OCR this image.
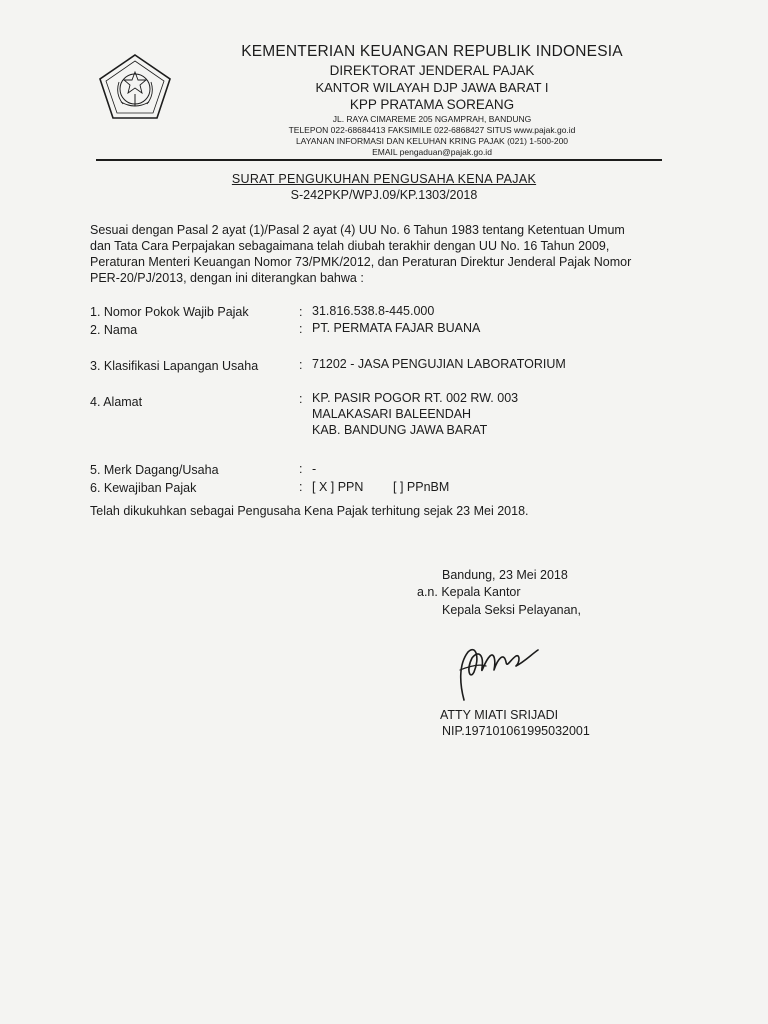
KEMENTERIAN KEUANGAN REPUBLIK INDONESIA
DIREKTORAT JENDERAL PAJAK
KANTOR WILAYAH DJP JAWA BARAT I
KPP PRATAMA SOREANG
JL. RAYA CIMAREME 205 NGAMPRAH, BANDUNG
TELEPON 022-68684413 FAKSIMILE 022-6868427 SITUS www.pajak.go.id
LAYANAN INFORMASI DAN KELUHAN KRING PAJAK (021) 1-500-200
EMAIL pengaduan@pajak.go.id
SURAT PENGUKUHAN PENGUSAHA KENA PAJAK
S-242PKP/WPJ.09/KP.1303/2018
Sesuai dengan Pasal 2 ayat (1)/Pasal 2 ayat (4) UU No. 6 Tahun 1983 tentang Ketentuan Umum
dan Tata Cara Perpajakan sebagaimana telah diubah terakhir dengan UU No. 16 Tahun 2009,
Peraturan Menteri Keuangan Nomor 73/PMK/2012, dan Peraturan Direktur Jenderal Pajak Nomor
PER-20/PJ/2013, dengan ini diterangkan bahwa :
1. Nomor Pokok Wajib Pajak	: 31.816.538.8-445.000
2. Nama	: PT. PERMATA FAJAR BUANA
3. Klasifikasi Lapangan Usaha	: 71202 - JASA PENGUJIAN LABORATORIUM
4. Alamat	: KP. PASIR POGOR RT. 002 RW. 003
MALAKASARI BALEENDAH
KAB. BANDUNG JAWA BARAT
5. Merk Dagang/Usaha	: -
6. Kewajiban Pajak	: [ X ] PPN [ ] PPnBM
Telah dikukuhkan sebagai Pengusaha Kena Pajak terhitung sejak 23 Mei 2018.
Bandung, 23 Mei 2018
a.n. Kepala Kantor
Kepala Seksi Pelayanan,
ATTY MIATI SRIJADI
NIP.197101061995032001
